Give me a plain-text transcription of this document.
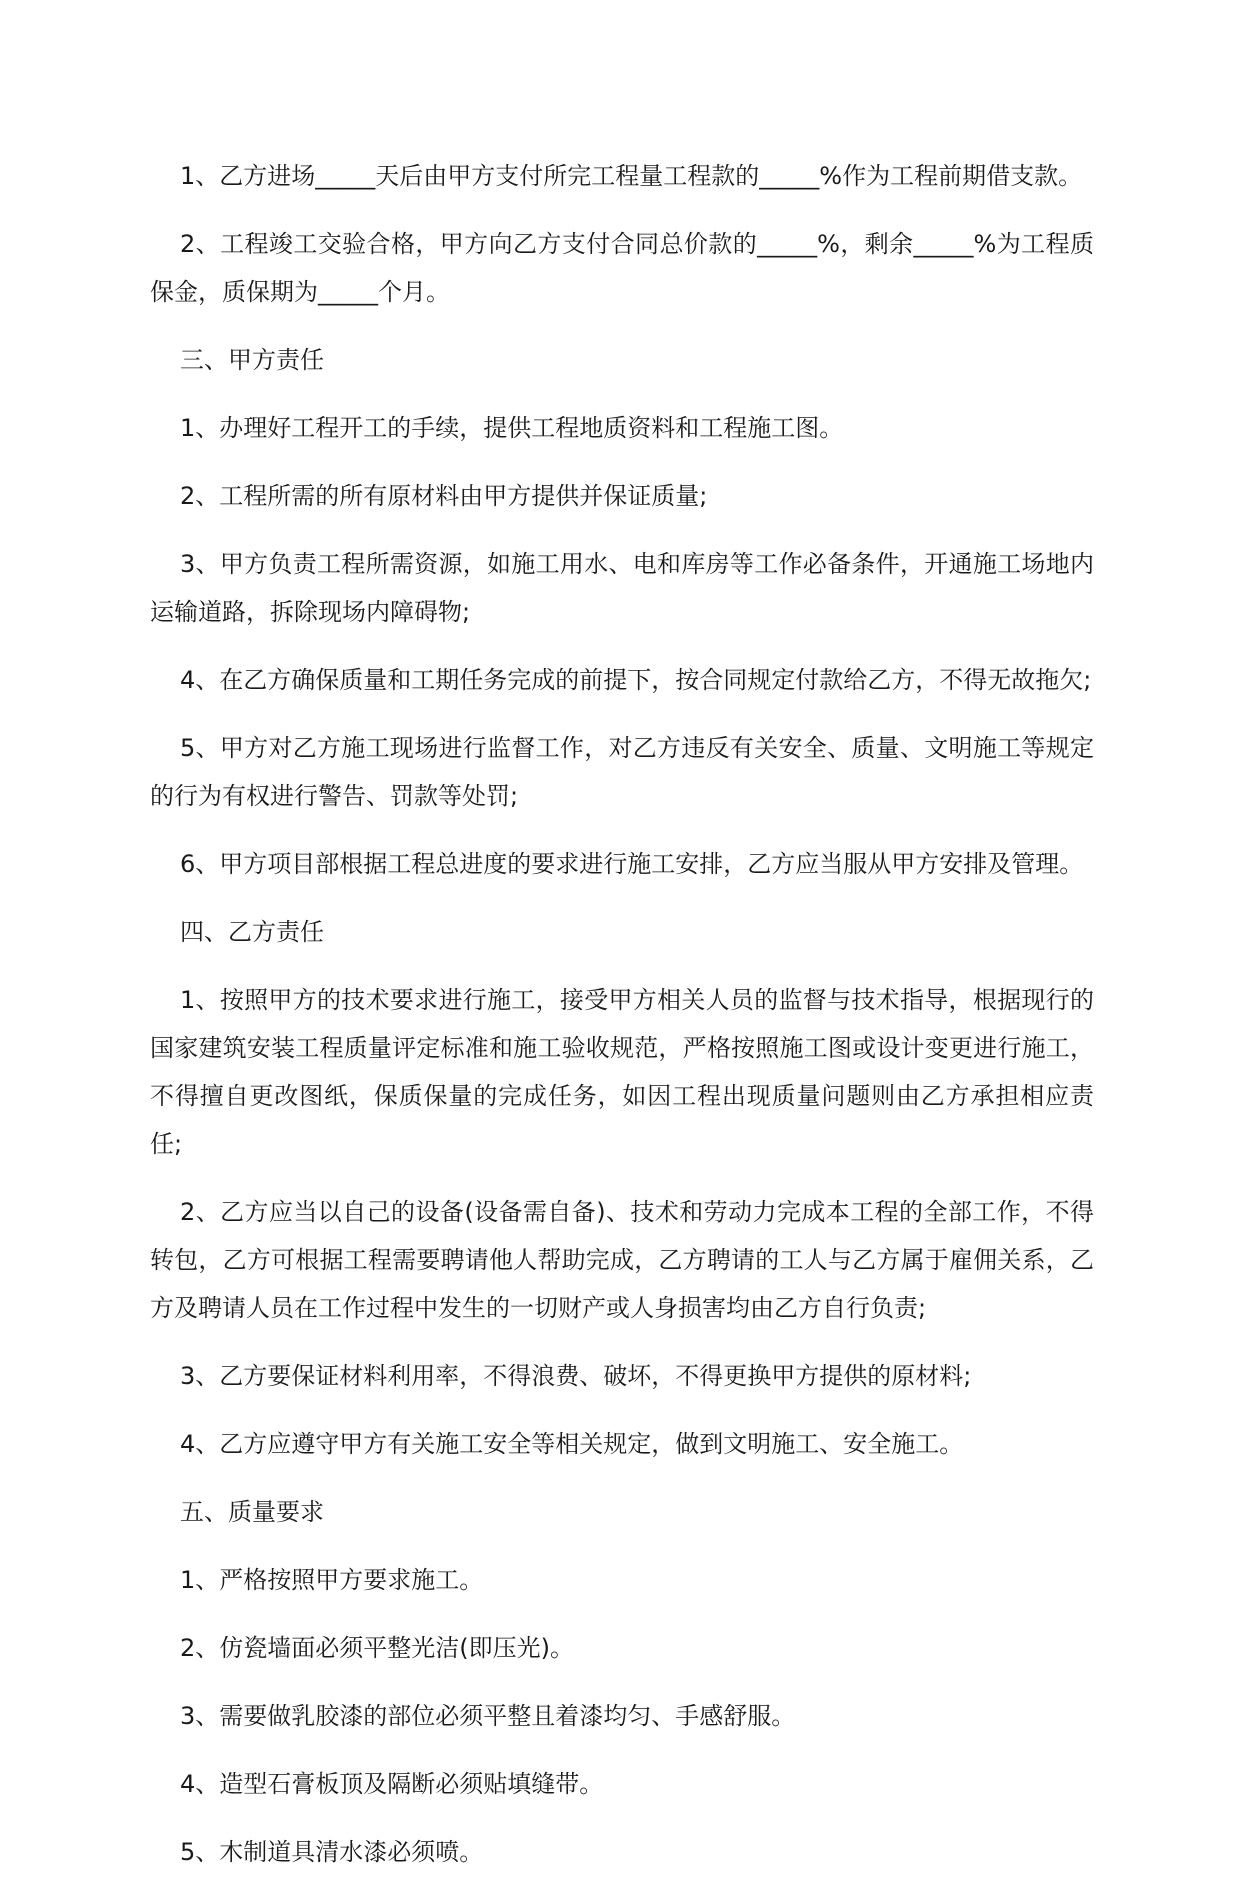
1、乙方进场_____天后由甲方支付所完工程量工程款的_____%作为工程前期借支款。

2、工程竣工交验合格，甲方向乙方支付合同总价款的_____%，剩余_____%为工程质保金，质保期为_____个月。

三、甲方责任

1、办理好工程开工的手续，提供工程地质资料和工程施工图。

2、工程所需的所有原材料由甲方提供并保证质量;

3、甲方负责工程所需资源，如施工用水、电和库房等工作必备条件，开通施工场地内运输道路，拆除现场内障碍物;

4、在乙方确保质量和工期任务完成的前提下，按合同规定付款给乙方，不得无故拖欠;

5、甲方对乙方施工现场进行监督工作，对乙方违反有关安全、质量、文明施工等规定的行为有权进行警告、罚款等处罚;

6、甲方项目部根据工程总进度的要求进行施工安排，乙方应当服从甲方安排及管理。

四、乙方责任

1、按照甲方的技术要求进行施工，接受甲方相关人员的监督与技术指导，根据现行的国家建筑安装工程质量评定标准和施工验收规范，严格按照施工图或设计变更进行施工，不得擅自更改图纸，保质保量的完成任务，如因工程出现质量问题则由乙方承担相应责任;

2、乙方应当以自己的设备(设备需自备)、技术和劳动力完成本工程的全部工作，不得转包，乙方可根据工程需要聘请他人帮助完成，乙方聘请的工人与乙方属于雇佣关系，乙方及聘请人员在工作过程中发生的一切财产或人身损害均由乙方自行负责;

3、乙方要保证材料利用率，不得浪费、破坏，不得更换甲方提供的原材料;

4、乙方应遵守甲方有关施工安全等相关规定，做到文明施工、安全施工。

五、质量要求

1、严格按照甲方要求施工。

2、仿瓷墙面必须平整光洁(即压光)。

3、需要做乳胶漆的部位必须平整且着漆均匀、手感舒服。

4、造型石膏板顶及隔断必须贴填缝带。

5、木制道具清水漆必须喷。
